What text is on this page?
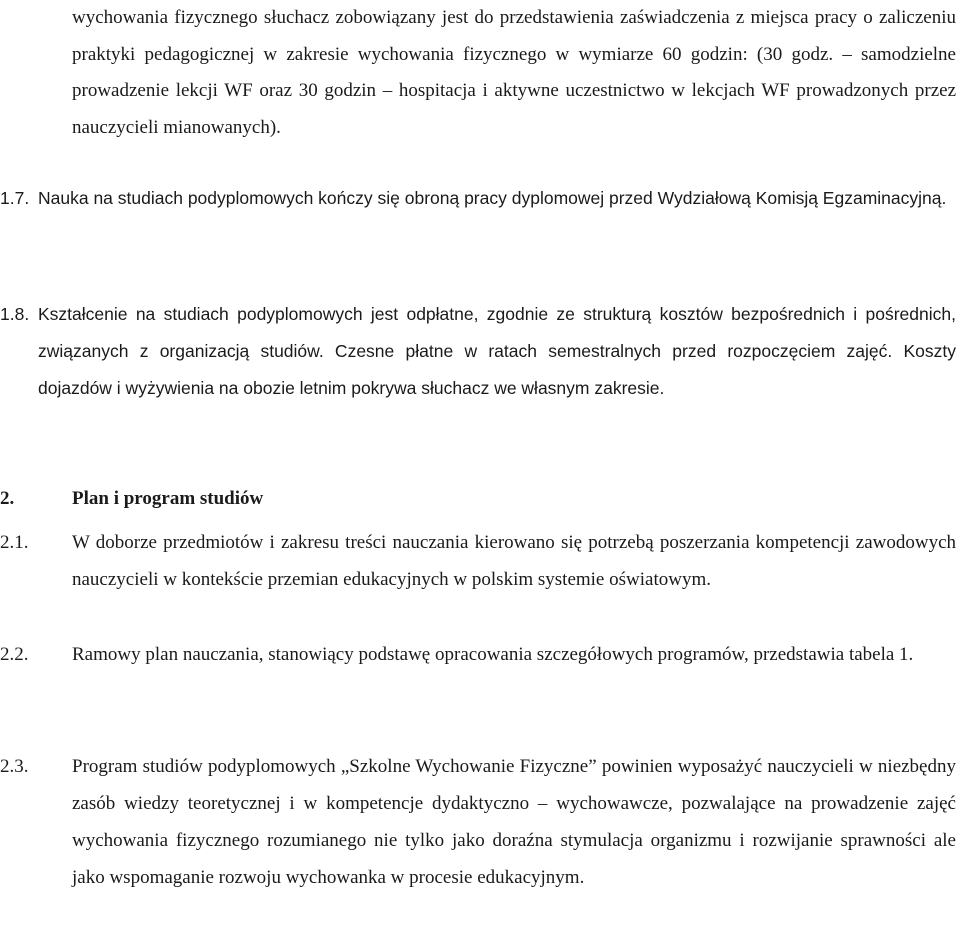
wychowania fizycznego słuchacz zobowiązany jest do przedstawienia zaświadczenia z miejsca pracy o zaliczeniu praktyki pedagogicznej w zakresie wychowania fizycznego w wymiarze 60 godzin: (30 godz. – samodzielne prowadzenie lekcji WF oraz 30 godzin – hospitacja i aktywne uczestnictwo w lekcjach WF prowadzonych przez nauczycieli mianowanych).

1.7. Nauka na studiach podyplomowych kończy się obroną pracy dyplomowej przed Wydziałową Komisją Egzaminacyjną.

1.8. Kształcenie na studiach podyplomowych jest odpłatne, zgodnie ze strukturą kosztów bezpośrednich i pośrednich, związanych z organizacją studiów. Czesne płatne w ratach semestralnych przed rozpoczęciem zajęć. Koszty dojazdów i wyżywienia na obozie letnim pokrywa słuchacz we własnym zakresie.

2.	Plan i program studiów
2.1. W doborze przedmiotów i zakresu treści nauczania kierowano się potrzebą poszerzania kompetencji zawodowych nauczycieli w kontekście przemian edukacyjnych w polskim systemie oświatowym.

2.2. Ramowy plan nauczania, stanowiący podstawę opracowania szczegółowych programów, przedstawia tabela 1.

2.3. Program studiów podyplomowych „Szkolne Wychowanie Fizyczne” powinien wyposażyć nauczycieli w niezbędny zasób wiedzy teoretycznej i w kompetencje dydaktyczno – wychowawcze, pozwalające na prowadzenie zajęć wychowania fizycznego rozumianego nie tylko jako doraźna stymulacja organizmu i rozwijanie sprawności ale jako wspomaganie rozwoju wychowanka w procesie edukacyjnym.
